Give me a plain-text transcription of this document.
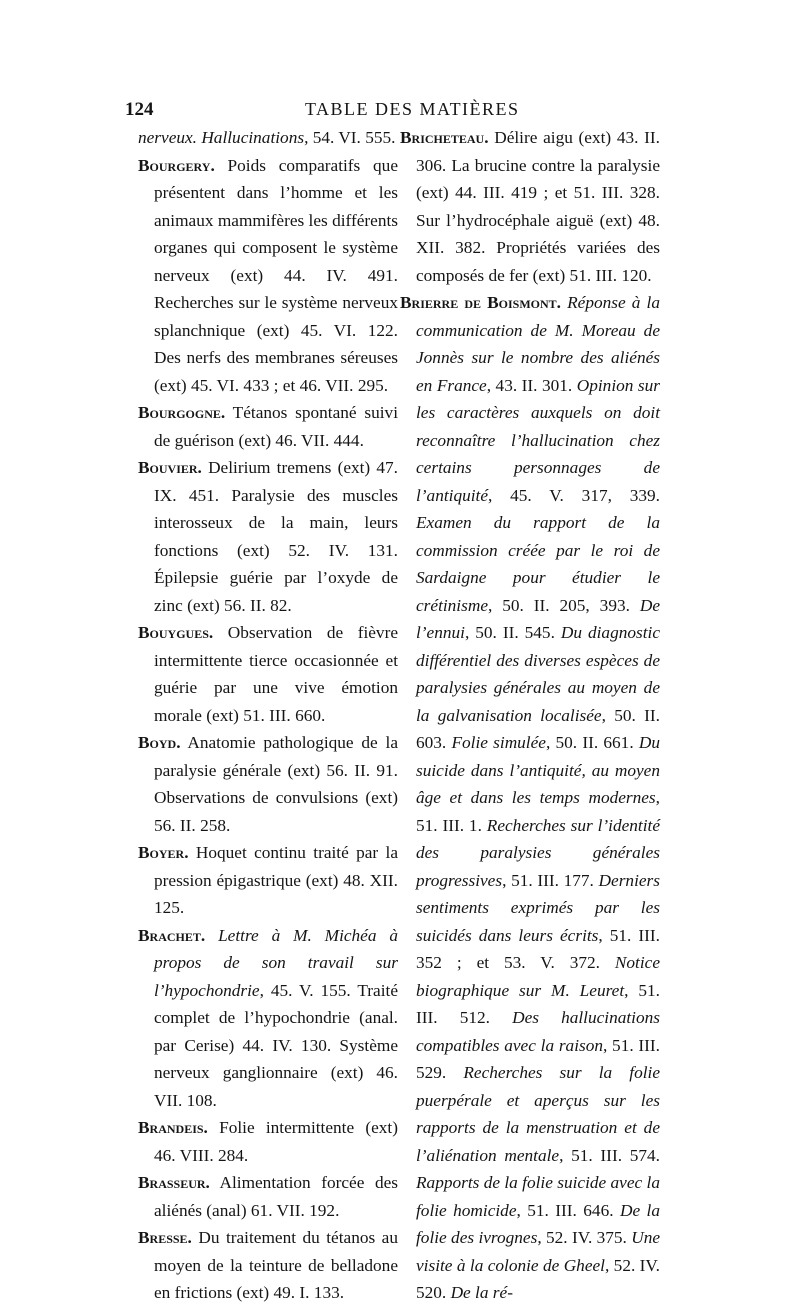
124	TABLE DES MATIÈRES

nerveux. Hallucinations, 54. VI. 555.

Bourgery. Poids comparatifs que présentent dans l’homme et les animaux mammifères les différents organes qui composent le système nerveux (ext) 44. IV. 491. Recherches sur le système nerveux splanchnique (ext) 45. VI. 122. Des nerfs des membranes séreuses (ext) 45. VI. 433 ; et 46. VII. 295.

Bourgogne. Tétanos spontané suivi de guérison (ext) 46. VII. 444.

Bouvier. Delirium tremens (ext) 47. IX. 451. Paralysie des muscles interosseux de la main, leurs fonctions (ext) 52. IV. 131. Épilepsie guérie par l’oxyde de zinc (ext) 56. II. 82.

Bouygues. Observation de fièvre intermittente tierce occasionnée et guérie par une vive émotion morale (ext) 51. III. 660.

Boyd. Anatomie pathologique de la paralysie générale (ext) 56. II. 91. Observations de convulsions (ext) 56. II. 258.

Boyer. Hoquet continu traité par la pression épigastrique (ext) 48. XII. 125.

Brachet. Lettre à M. Michéa à propos de son travail sur l’hypochondrie, 45. V. 155. Traité complet de l’hypochondrie (anal. par Cerise) 44. IV. 130. Système nerveux ganglionnaire (ext) 46. VII. 108.

Brandeis. Folie intermittente (ext) 46. VIII. 284.

Brasseur. Alimentation forcée des aliénés (anal) 61. VII. 192.

Bresse. Du traitement du tétanos au moyen de la teinture de belladone en frictions (ext) 49. I. 133.

Bricheteau. Délire aigu (ext) 43. II. 306. La brucine contre la paralysie (ext) 44. III. 419 ; et 51. III. 328. Sur l’hydrocéphale aiguë (ext) 48. XII. 382. Propriétés variées des composés de fer (ext) 51. III. 120.

Brierre de Boismont. Réponse à la communication de M. Moreau de Jonnès sur le nombre des aliénés en France, 43. II. 301. Opinion sur les caractères auxquels on doit reconnaître l’hallucination chez certains personnages de l’antiquité, 45. V. 317, 339. Examen du rapport de la commission créée par le roi de Sardaigne pour étudier le crétinisme, 50. II. 205, 393. De l’ennui, 50. II. 545. Du diagnostic différentiel des diverses espèces de paralysies générales au moyen de la galvanisation localisée, 50. II. 603. Folie simulée, 50. II. 661. Du suicide dans l’antiquité, au moyen âge et dans les temps modernes, 51. III. 1. Recherches sur l’identité des paralysies générales progressives, 51. III. 177. Derniers sentiments exprimés par les suicidés dans leurs écrits, 51. III. 352 ; et 53. V. 372. Notice biographique sur M. Leuret, 51. III. 512. Des hallucinations compatibles avec la raison, 51. III. 529. Recherches sur la folie puerpérale et aperçus sur les rapports de la menstruation et de l’aliénation mentale, 51. III. 574. Rapports de la folie suicide avec la folie homicide, 51. III. 646. De la folie des ivrognes, 52. IV. 375. Une visite à la colonie de Gheel, 52. IV. 520. De la ré-
